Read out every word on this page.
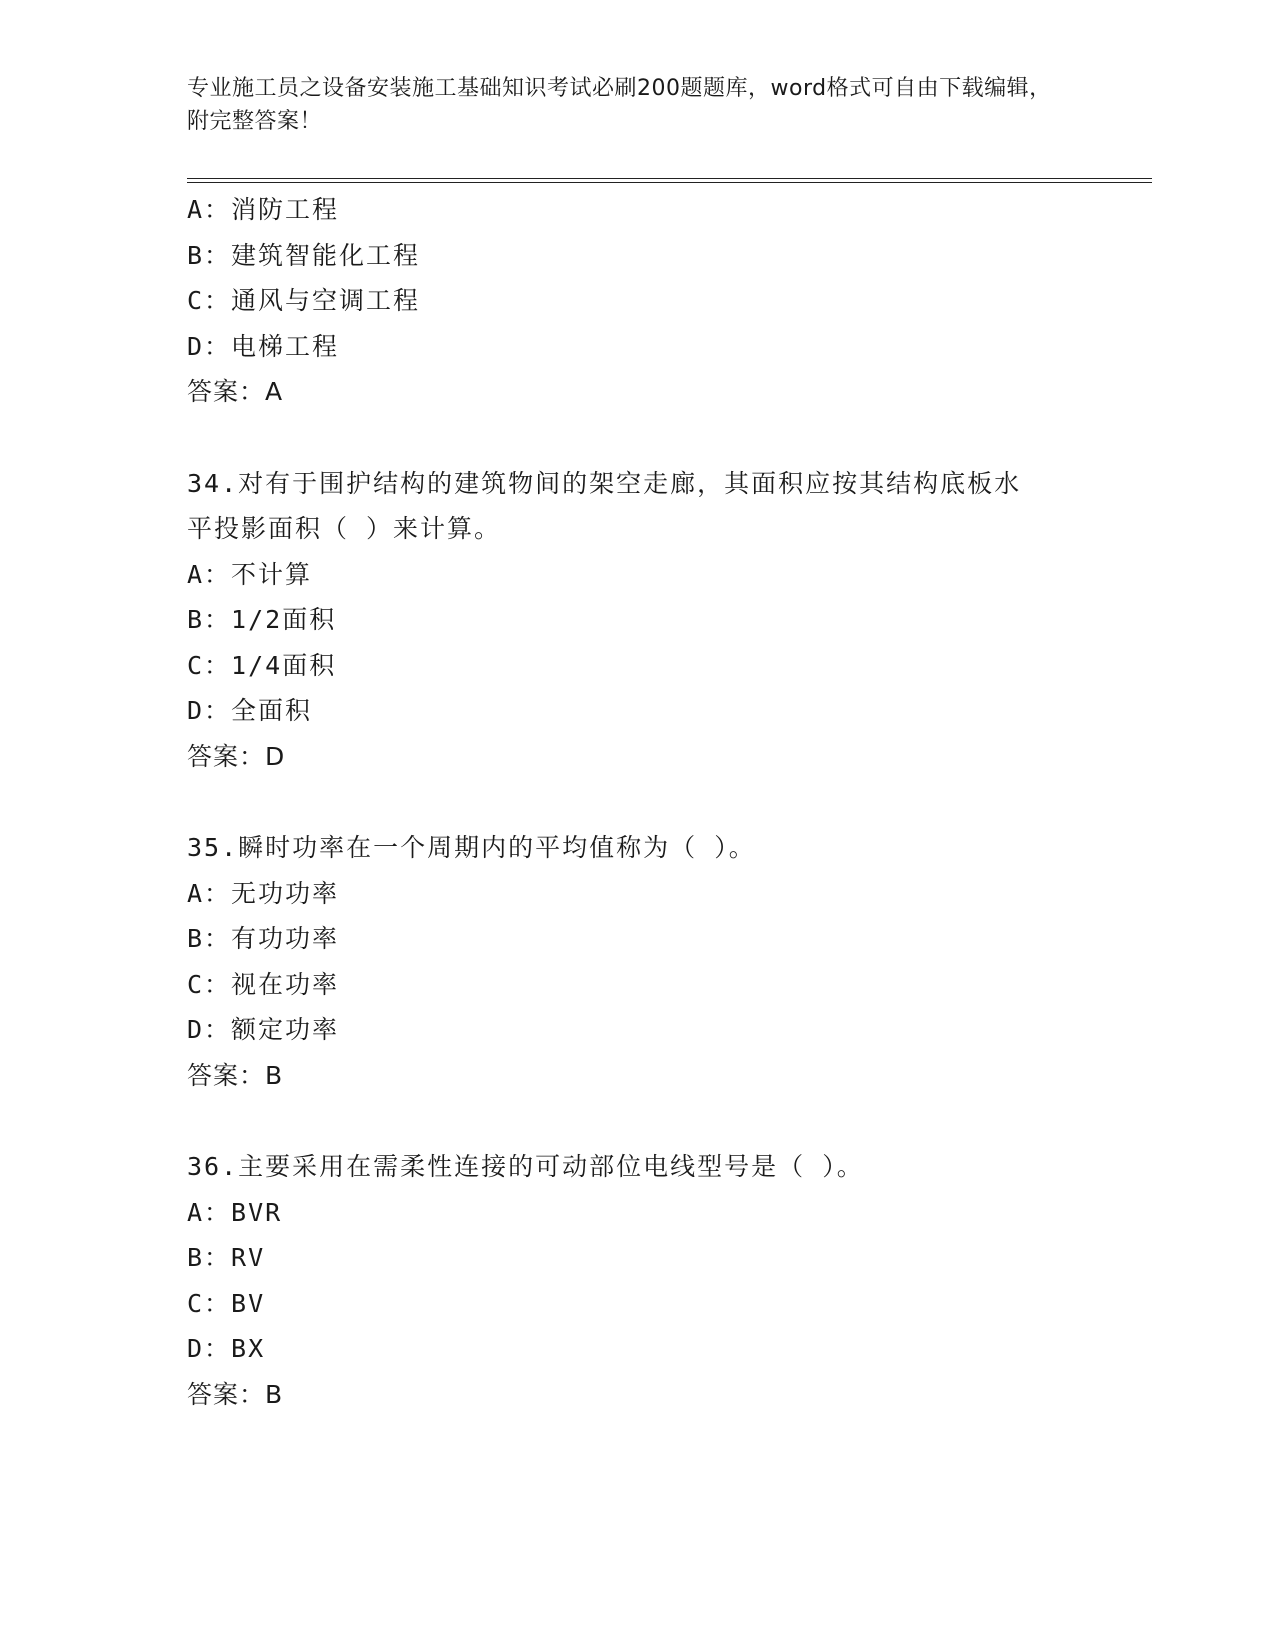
专业施工员之设备安装施工基础知识考试必刷200题题库，word格式可自由下载编辑，附完整答案！
A：消防工程
B：建筑智能化工程
C：通风与空调工程
D：电梯工程
答案：A
34.对有于围护结构的建筑物间的架空走廊，其面积应按其结构底板水
平投影面积（ ）来计算。
A：不计算
B：1/2面积
C：1/4面积
D：全面积
答案：D
35.瞬时功率在一个周期内的平均值称为（ ）。
A：无功功率
B：有功功率
C：视在功率
D：额定功率
答案：B
36.主要采用在需柔性连接的可动部位电线型号是（ ）。
A：BVR
B：RV
C：BV
D：BX
答案：B
